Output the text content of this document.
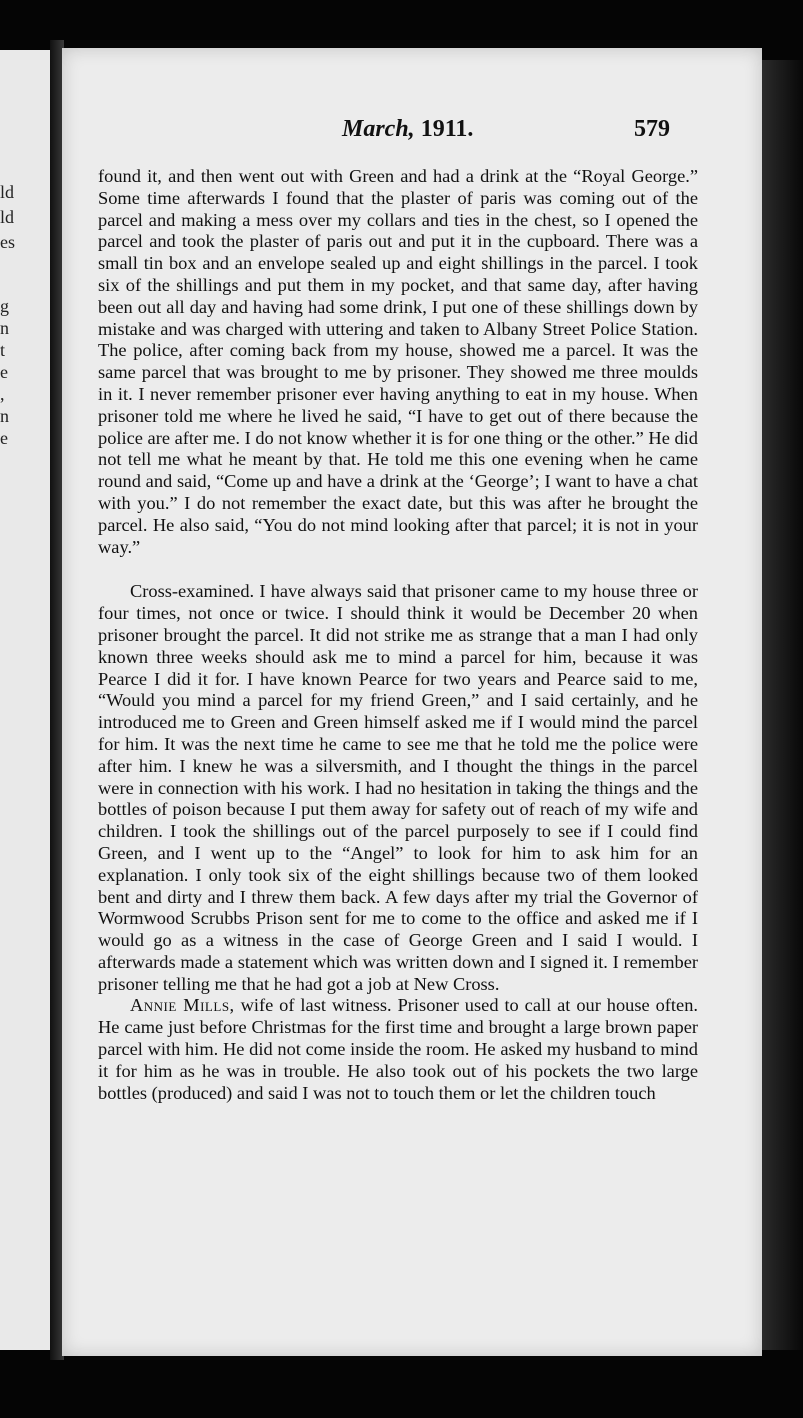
ld
ld
es
g
n
t
e
,
n
e
March, 1911.	579

found it, and then went out with Green and had a drink at the “Royal George.” Some time afterwards I found that the plaster of paris was coming out of the parcel and making a mess over my collars and ties in the chest, so I opened the parcel and took the plaster of paris out and put it in the cupboard. There was a small tin box and an envelope sealed up and eight shillings in the parcel. I took six of the shillings and put them in my pocket, and that same day, after having been out all day and having had some drink, I put one of these shillings down by mistake and was charged with uttering and taken to Albany Street Police Station. The police, after coming back from my house, showed me a parcel. It was the same parcel that was brought to me by prisoner. They showed me three moulds in it. I never remember prisoner ever having anything to eat in my house. When prisoner told me where he lived he said, “I have to get out of there because the police are after me. I do not know whether it is for one thing or the other.” He did not tell me what he meant by that. He told me this one evening when he came round and said, “Come up and have a drink at the ‘George’; I want to have a chat with you.” I do not remember the exact date, but this was after he brought the parcel. He also said, “You do not mind looking after that parcel; it is not in your way.”

Cross-examined. I have always said that prisoner came to my house three or four times, not once or twice. I should think it would be December 20 when prisoner brought the parcel. It did not strike me as strange that a man I had only known three weeks should ask me to mind a parcel for him, because it was Pearce I did it for. I have known Pearce for two years and Pearce said to me, “Would you mind a parcel for my friend Green,” and I said certainly, and he introduced me to Green and Green himself asked me if I would mind the parcel for him. It was the next time he came to see me that he told me the police were after him. I knew he was a silversmith, and I thought the things in the parcel were in connection with his work. I had no hesitation in taking the things and the bottles of poison because I put them away for safety out of reach of my wife and children. I took the shillings out of the parcel purposely to see if I could find Green, and I went up to the “Angel” to look for him to ask him for an explanation. I only took six of the eight shillings because two of them looked bent and dirty and I threw them back. A few days after my trial the Governor of Wormwood Scrubbs Prison sent for me to come to the office and asked me if I would go as a witness in the case of George Green and I said I would. I afterwards made a statement which was written down and I signed it. I remember prisoner telling me that he had got a job at New Cross.

Annie Mills, wife of last witness. Prisoner used to call at our house often. He came just before Christmas for the first time and brought a large brown paper parcel with him. He did not come inside the room. He asked my husband to mind it for him as he was in trouble. He also took out of his pockets the two large bottles (produced) and said I was not to touch them or let the children touch
